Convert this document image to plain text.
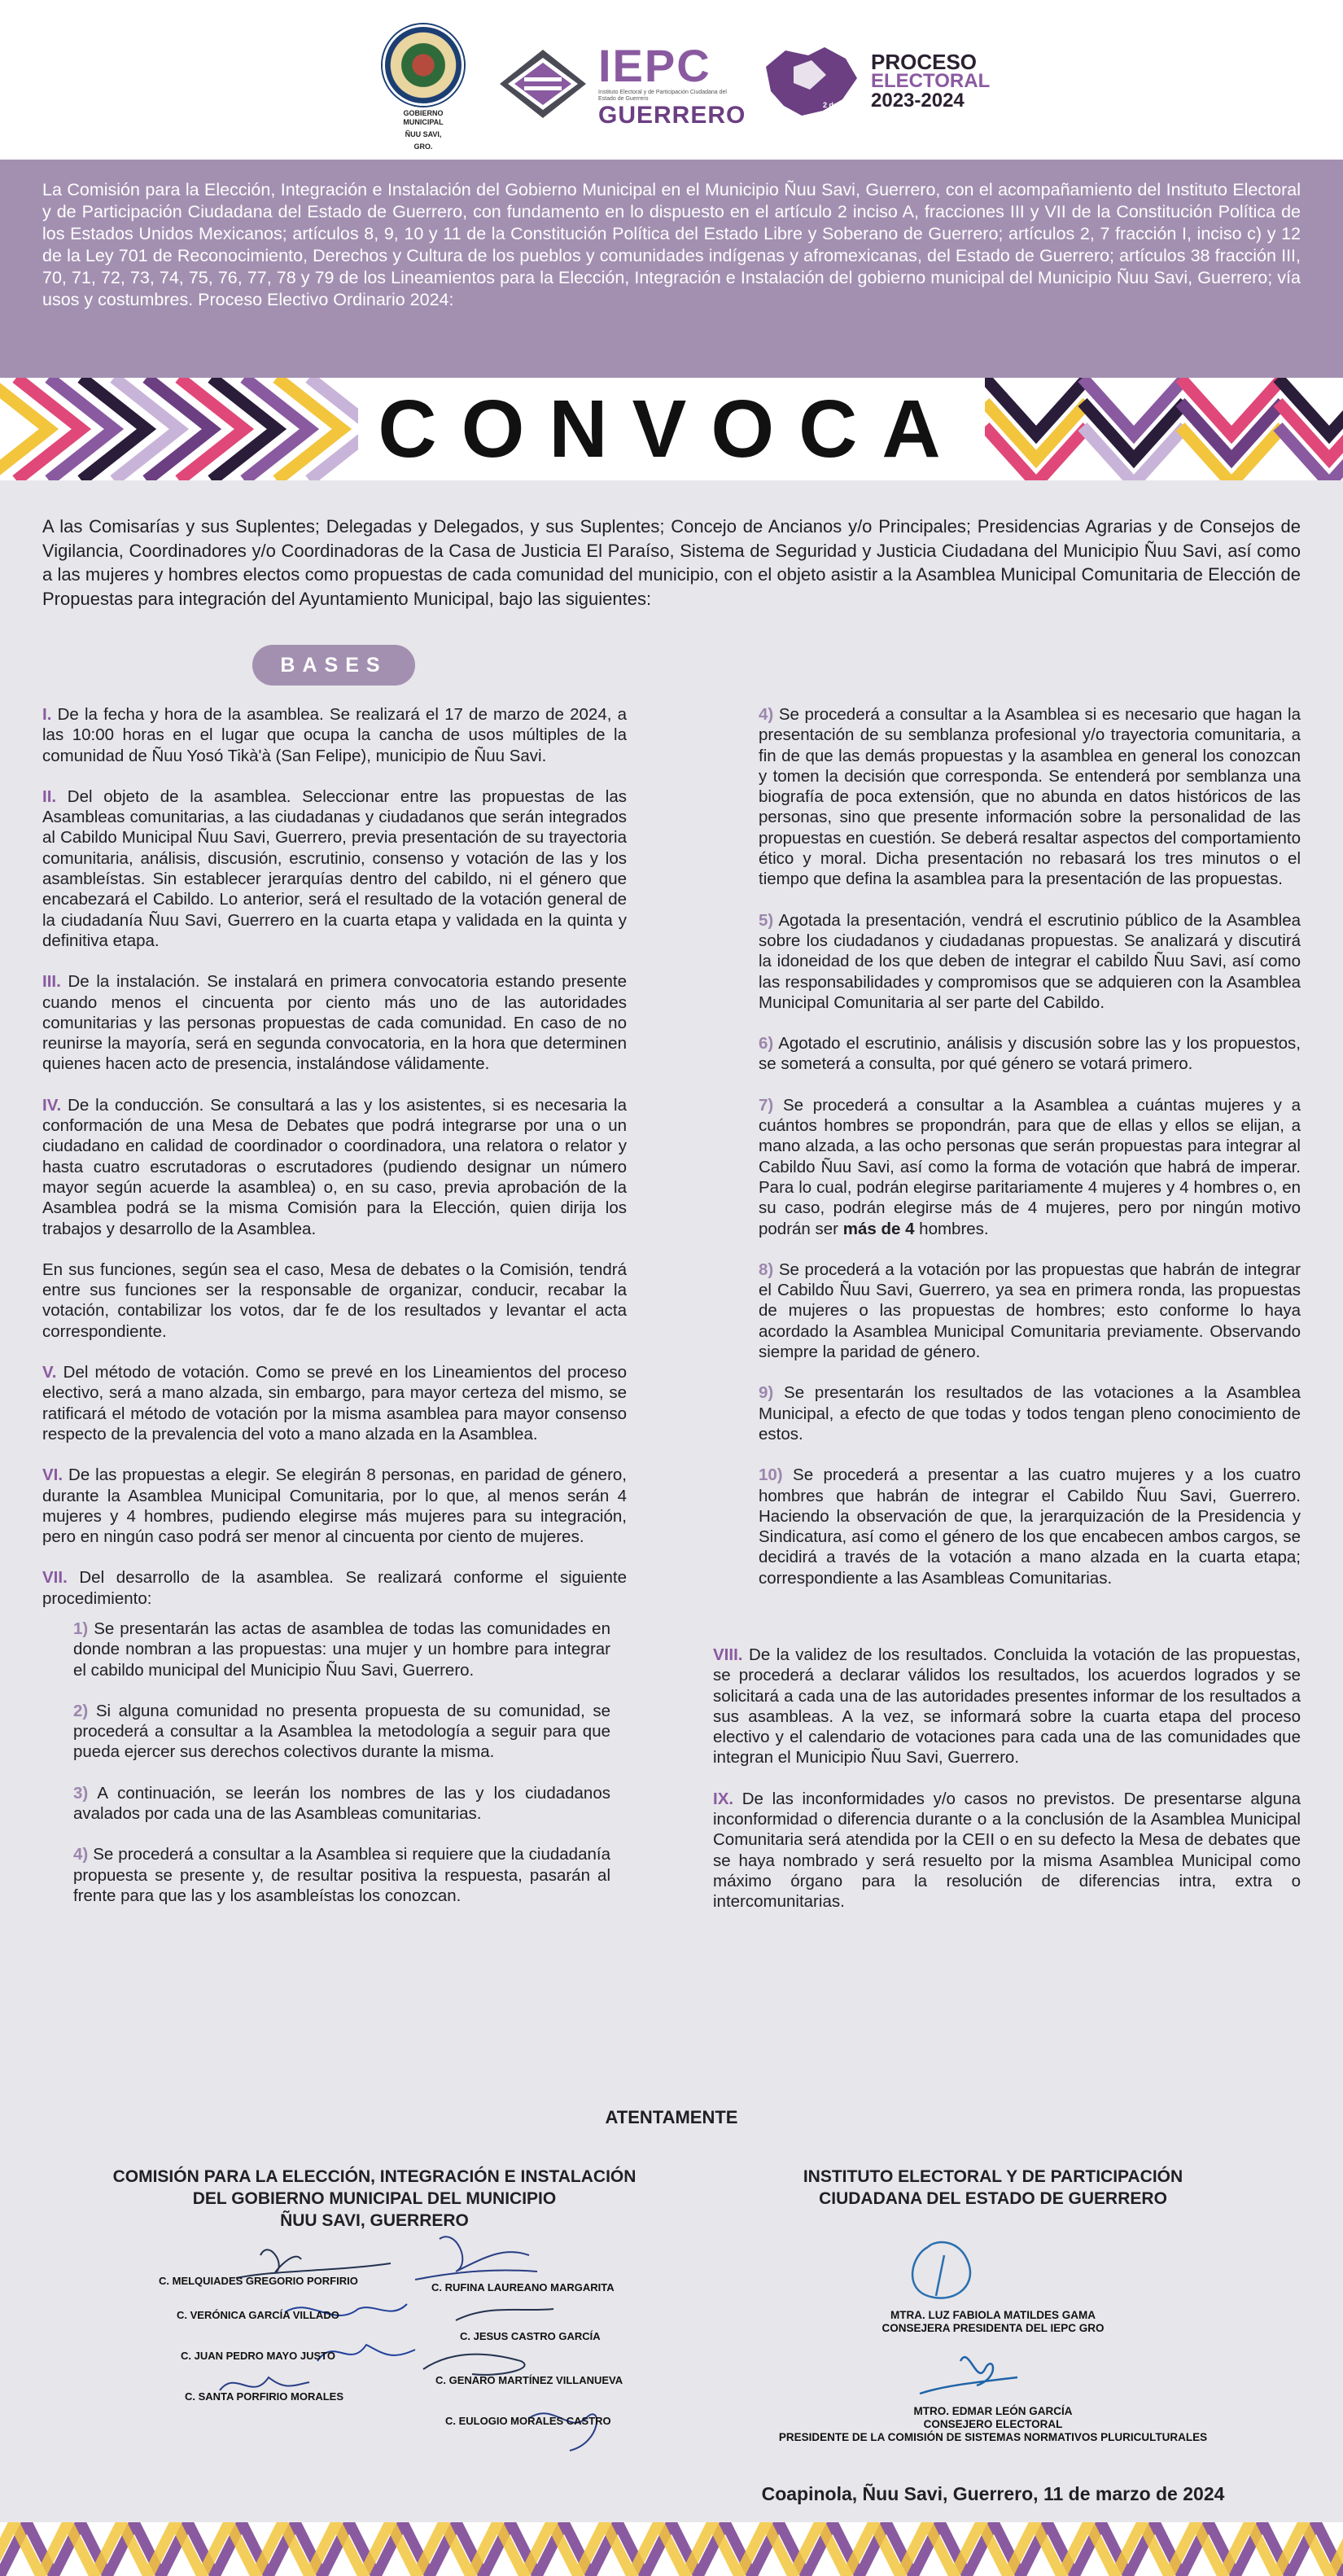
GOBIERNO MUNICIPAL
ÑUU SAVI,
GRO.
IEPC
Instituto Electoral y de Participación Ciudadana del Estado de Guerrero
GUERRERO	2 de junio
PROCESO
ELECTORAL
2023-2024
La Comisión para la Elección, Integración e Instalación del Gobierno Municipal en el Municipio Ñuu Savi, Guerrero, con el acompañamiento del Instituto Electoral y de Participación Ciudadana del Estado de Guerrero, con fundamento en lo dispuesto en el artículo 2 inciso A, fracciones III y VII de la Constitución Política de los Estados Unidos Mexicanos; artículos 8, 9, 10 y 11 de la Constitución Política del Estado Libre y Soberano de Guerrero; artículos 2, 7 fracción I, inciso c) y 12 de la Ley 701 de Reconocimiento, Derechos y Cultura de los pueblos y comunidades indígenas y afromexicanas, del Estado de Guerrero; artículos 38 fracción III, 70, 71, 72, 73, 74, 75, 76, 77, 78 y 79 de los Lineamientos para la Elección, Integración e Instalación del gobierno municipal del Municipio Ñuu Savi, Guerrero; vía usos y costumbres. Proceso Electivo Ordinario 2024:
CONVOCA
A las Comisarías y sus Suplentes; Delegadas y Delegados, y sus Suplentes; Concejo de Ancianos y/o Principales; Presidencias Agrarias y de Consejos de Vigilancia, Coordinadores y/o Coordinadoras de la Casa de Justicia El Paraíso, Sistema de Seguridad y Justicia Ciudadana del Municipio Ñuu Savi, así como a las mujeres y hombres electos como propuestas de cada comunidad del municipio, con el objeto asistir a la Asamblea Municipal Comunitaria de Elección de Propuestas para integración del Ayuntamiento Municipal, bajo las siguientes:
BASES

I. De la fecha y hora de la asamblea. Se realizará el 17 de marzo de 2024, a las 10:00 horas en el lugar que ocupa la cancha de usos múltiples de la comunidad de Ñuu Yosó Tikà'à (San Felipe), municipio de Ñuu Savi.

II. Del objeto de la asamblea. Seleccionar entre las propuestas de las Asambleas comunitarias, a las ciudadanas y ciudadanos que serán integrados al Cabildo Municipal Ñuu Savi, Guerrero, previa presentación de su trayectoria comunitaria, análisis, discusión, escrutinio, consenso y votación de las y los asambleístas. Sin establecer jerarquías dentro del cabildo, ni el género que encabezará el Cabildo. Lo anterior, será el resultado de la votación general de la ciudadanía Ñuu Savi, Guerrero en la cuarta etapa y validada en la quinta y definitiva etapa.

III. De la instalación. Se instalará en primera convocatoria estando presente cuando menos el cincuenta por ciento más uno de las autoridades comunitarias y las personas propuestas de cada comunidad. En caso de no reunirse la mayoría, será en segunda convocatoria, en la hora que determinen quienes hacen acto de presencia, instalándose válidamente.

IV. De la conducción. Se consultará a las y los asistentes, si es necesaria la conformación de una Mesa de Debates que podrá integrarse por una o un ciudadano en calidad de coordinador o coordinadora, una relatora o relator y hasta cuatro escrutadoras o escrutadores (pudiendo designar un número mayor según acuerde la asamblea) o, en su caso, previa aprobación de la Asamblea podrá se la misma Comisión para la Elección, quien dirija los trabajos y desarrollo de la Asamblea.

En sus funciones, según sea el caso, Mesa de debates o la Comisión, tendrá entre sus funciones ser la responsable de organizar, conducir, recabar la votación, contabilizar los votos, dar fe de los resultados y levantar el acta correspondiente.

V. Del método de votación. Como se prevé en los Lineamientos del proceso electivo, será a mano alzada, sin embargo, para mayor certeza del mismo, se ratificará el método de votación por la misma asamblea para mayor consenso respecto de la prevalencia del voto a mano alzada en la Asamblea.

VI. De las propuestas a elegir. Se elegirán 8 personas, en paridad de género, durante la Asamblea Municipal Comunitaria, por lo que, al menos serán 4 mujeres y 4 hombres, pudiendo elegirse más mujeres para su integración, pero en ningún caso podrá ser menor al cincuenta por ciento de mujeres.

VII. Del desarrollo de la asamblea. Se realizará conforme el siguiente procedimiento:

1) Se presentarán las actas de asamblea de todas las comunidades en donde nombran a las propuestas: una mujer y un hombre para integrar el cabildo municipal del Municipio Ñuu Savi, Guerrero.

2) Si alguna comunidad no presenta propuesta de su comunidad, se procederá a consultar a la Asamblea la metodología a seguir para que pueda ejercer sus derechos colectivos durante la misma.

3) A continuación, se leerán los nombres de las y los ciudadanos avalados por cada una de las Asambleas comunitarias.

4) Se procederá a consultar a la Asamblea si requiere que la ciudadanía propuesta se presente y, de resultar positiva la respuesta, pasarán al frente para que las y los asambleístas los conozcan.

4) Se procederá a consultar a la Asamblea si es necesario que hagan la presentación de su semblanza profesional y/o trayectoria comunitaria, a fin de que las demás propuestas y la asamblea en general los conozcan y tomen la decisión que corresponda. Se entenderá por semblanza una biografía de poca extensión, que no abunda en datos históricos de las personas, sino que presente información sobre la personalidad de las propuestas en cuestión. Se deberá resaltar aspectos del comportamiento ético y moral. Dicha presentación no rebasará los tres minutos o el tiempo que defina la asamblea para la presentación de las propuestas.

5) Agotada la presentación, vendrá el escrutinio público de la Asamblea sobre los ciudadanos y ciudadanas propuestas. Se analizará y discutirá la idoneidad de los que deben de integrar el cabildo Ñuu Savi, así como las responsabilidades y compromisos que se adquieren con la Asamblea Municipal Comunitaria al ser parte del Cabildo.

6) Agotado el escrutinio, análisis y discusión sobre las y los propuestos, se someterá a consulta, por qué género se votará primero.

7) Se procederá a consultar a la Asamblea a cuántas mujeres y a cuántos hombres se propondrán, para que de ellas y ellos se elijan, a mano alzada, a las ocho personas que serán propuestas para integrar al Cabildo Ñuu Savi, así como la forma de votación que habrá de imperar. Para lo cual, podrán elegirse paritariamente 4 mujeres y 4 hombres o, en su caso, podrán elegirse más de 4 mujeres, pero por ningún motivo podrán ser más de 4 hombres.

8) Se procederá a la votación por las propuestas que habrán de integrar el Cabildo Ñuu Savi, Guerrero, ya sea en primera ronda, las propuestas de mujeres o las propuestas de hombres; esto conforme lo haya acordado la Asamblea Municipal Comunitaria previamente. Observando siempre la paridad de género.

9) Se presentarán los resultados de las votaciones a la Asamblea Municipal, a efecto de que todas y todos tengan pleno conocimiento de estos.

10) Se procederá a presentar a las cuatro mujeres y a los cuatro hombres que habrán de integrar el Cabildo Ñuu Savi, Guerrero. Haciendo la observación de que, la jerarquización de la Presidencia y Sindicatura, así como el género de los que encabecen ambos cargos, se decidirá a través de la votación a mano alzada en la cuarta etapa; correspondiente a las Asambleas Comunitarias.

VIII. De la validez de los resultados. Concluida la votación de las propuestas, se procederá a declarar válidos los resultados, los acuerdos logrados y se solicitará a cada una de las autoridades presentes informar de los resultados a sus asambleas. A la vez, se informará sobre la cuarta etapa del proceso electivo y el calendario de votaciones para cada una de las comunidades que integran el Municipio Ñuu Savi, Guerrero.

IX. De las inconformidades y/o casos no previstos. De presentarse alguna inconformidad o diferencia durante o a la conclusión de la Asamblea Municipal Comunitaria será atendida por la CEII o en su defecto la Mesa de debates que se haya nombrado y será resuelto por la misma Asamblea Municipal como máximo órgano para la resolución de diferencias intra, extra o intercomunitarias.

ATENTAMENTE
COMISIÓN PARA LA ELECCIÓN, INTEGRACIÓN E INSTALACIÓN
DEL GOBIERNO MUNICIPAL DEL MUNICIPIO
ÑUU SAVI, GUERRERO
INSTITUTO ELECTORAL Y DE PARTICIPACIÓN
CIUDADANA DEL ESTADO DE GUERRERO
C. MELQUIADES GREGORIO PORFIRIO
C. RUFINA LAUREANO MARGARITA
C. VERÓNICA GARCÍA VILLADO
C. JESUS CASTRO GARCÍA
C. JUAN PEDRO MAYO JUSTO
C. GENARO MARTÍNEZ VILLANUEVA
C. SANTA PORFIRIO MORALES
C. EULOGIO MORALES CASTRO
MTRA. LUZ FABIOLA MATILDES GAMA
CONSEJERA PRESIDENTA DEL IEPC GRO
MTRO. EDMAR LEÓN GARCÍA
CONSEJERO ELECTORAL
PRESIDENTE DE LA COMISIÓN DE SISTEMAS NORMATIVOS PLURICULTURALES
Coapinola, Ñuu Savi, Guerrero, 11 de marzo de 2024
